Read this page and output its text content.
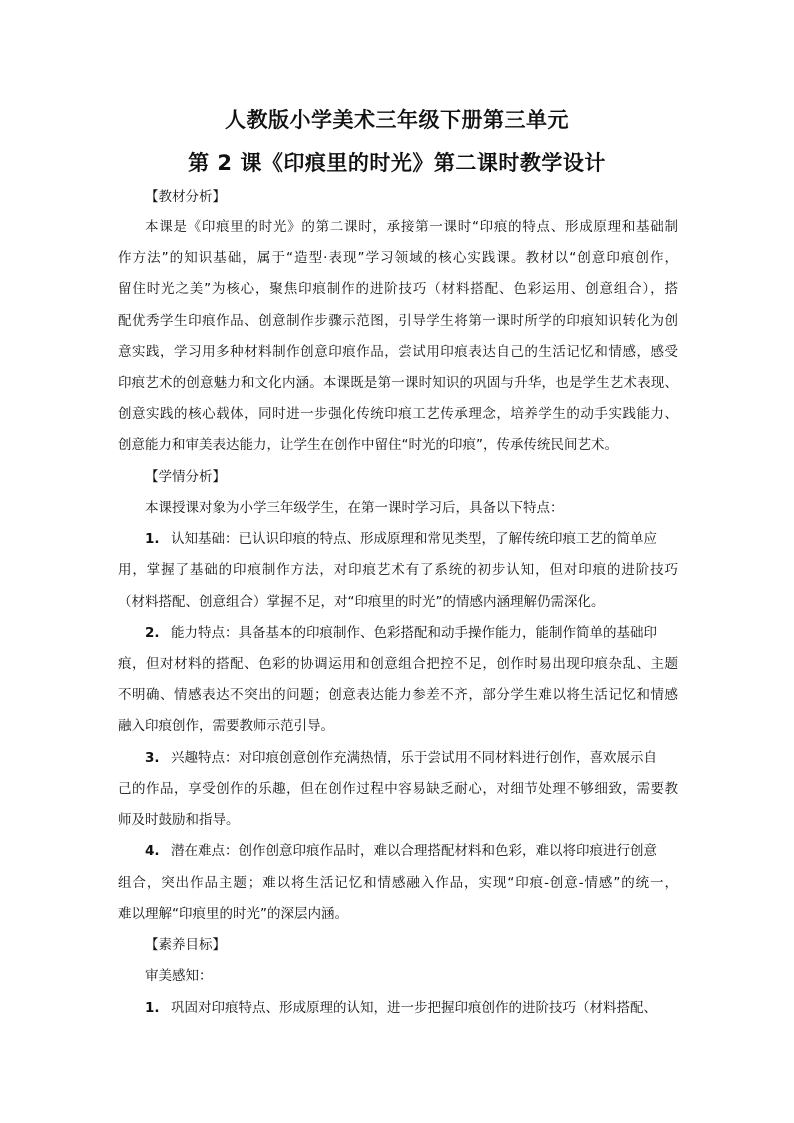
人教版小学美术三年级下册第三单元
第 2 课《印痕里的时光》第二课时教学设计
【教材分析】
本课是《印痕里的时光》的第二课时，承接第一课时“印痕的特点、形成原理和基础制
作方法”的知识基础，属于“造型·表现”学习领域的核心实践课。教材以“创意印痕创作，
留住时光之美”为核心，聚焦印痕制作的进阶技巧（材料搭配、色彩运用、创意组合），搭
配优秀学生印痕作品、创意制作步骤示范图，引导学生将第一课时所学的印痕知识转化为创
意实践，学习用多种材料制作创意印痕作品，尝试用印痕表达自己的生活记忆和情感，感受
印痕艺术的创意魅力和文化内涵。本课既是第一课时知识的巩固与升华，也是学生艺术表现、
创意实践的核心载体，同时进一步强化传统印痕工艺传承理念，培养学生的动手实践能力、
创意能力和审美表达能力，让学生在创作中留住“时光的印痕”，传承传统民间艺术。
【学情分析】
本课授课对象为小学三年级学生，在第一课时学习后，具备以下特点：
1. 认知基础：已认识印痕的特点、形成原理和常见类型，了解传统印痕工艺的简单应
用，掌握了基础的印痕制作方法，对印痕艺术有了系统的初步认知，但对印痕的进阶技巧
（材料搭配、创意组合）掌握不足，对“印痕里的时光”的情感内涵理解仍需深化。
2. 能力特点：具备基本的印痕制作、色彩搭配和动手操作能力，能制作简单的基础印
痕，但对材料的搭配、色彩的协调运用和创意组合把控不足，创作时易出现印痕杂乱、主题
不明确、情感表达不突出的问题；创意表达能力参差不齐，部分学生难以将生活记忆和情感
融入印痕创作，需要教师示范引导。
3. 兴趣特点：对印痕创意创作充满热情，乐于尝试用不同材料进行创作，喜欢展示自
己的作品，享受创作的乐趣，但在创作过程中容易缺乏耐心，对细节处理不够细致，需要教
师及时鼓励和指导。
4. 潜在难点：创作创意印痕作品时，难以合理搭配材料和色彩，难以将印痕进行创意
组合，突出作品主题；难以将生活记忆和情感融入作品，实现“印痕-创意-情感”的统一，
难以理解“印痕里的时光”的深层内涵。
【素养目标】
审美感知：
1. 巩固对印痕特点、形成原理的认知，进一步把握印痕创作的进阶技巧（材料搭配、
